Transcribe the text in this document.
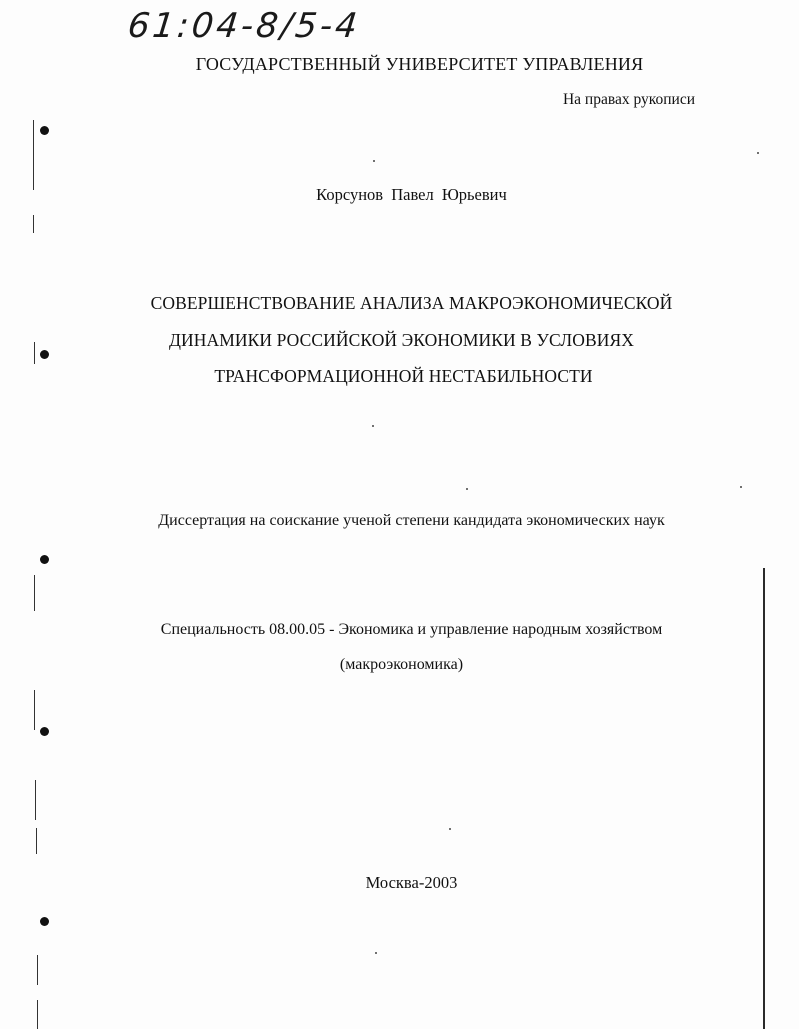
61:04-8/5-4
ГОСУДАРСТВЕННЫЙ УНИВЕРСИТЕТ УПРАВЛЕНИЯ
На правах рукописи
Корсунов Павел Юрьевич
СОВЕРШЕНСТВОВАНИЕ АНАЛИЗА МАКРОЭКОНОМИЧЕСКОЙ
ДИНАМИКИ РОССИЙСКОЙ ЭКОНОМИКИ В УСЛОВИЯХ
ТРАНСФОРМАЦИОННОЙ НЕСТАБИЛЬНОСТИ
Диссертация на соискание ученой степени кандидата экономических наук
Специальность 08.00.05 - Экономика и управление народным хозяйством
(макроэкономика)
Москва-2003
